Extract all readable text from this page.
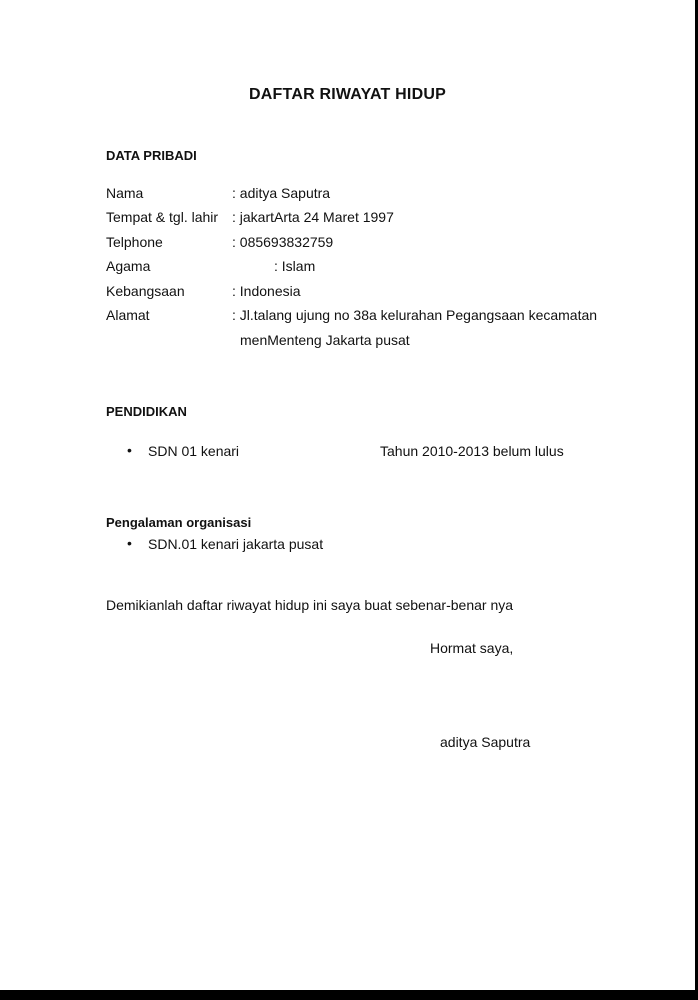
DAFTAR RIWAYAT HIDUP
DATA PRIBADI
Nama	: aditya Saputra
Tempat & tgl. lahir : jakartArta 24 Maret 1997
Telphone	: 085693832759
Agama	: Islam
Kebangsaan	: Indonesia
Alamat	: Jl.talang ujung no 38a kelurahan Pegangsaan kecamatan
menMenteng Jakarta pusat
PENDIDIKAN
• SDN 01 kenari	Tahun 2010-2013 belum lulus
Pengalaman organisasi
• SDN.01 kenari jakarta pusat
Demikianlah daftar riwayat hidup ini saya buat sebenar-benar nya
Hormat saya,
aditya Saputra
